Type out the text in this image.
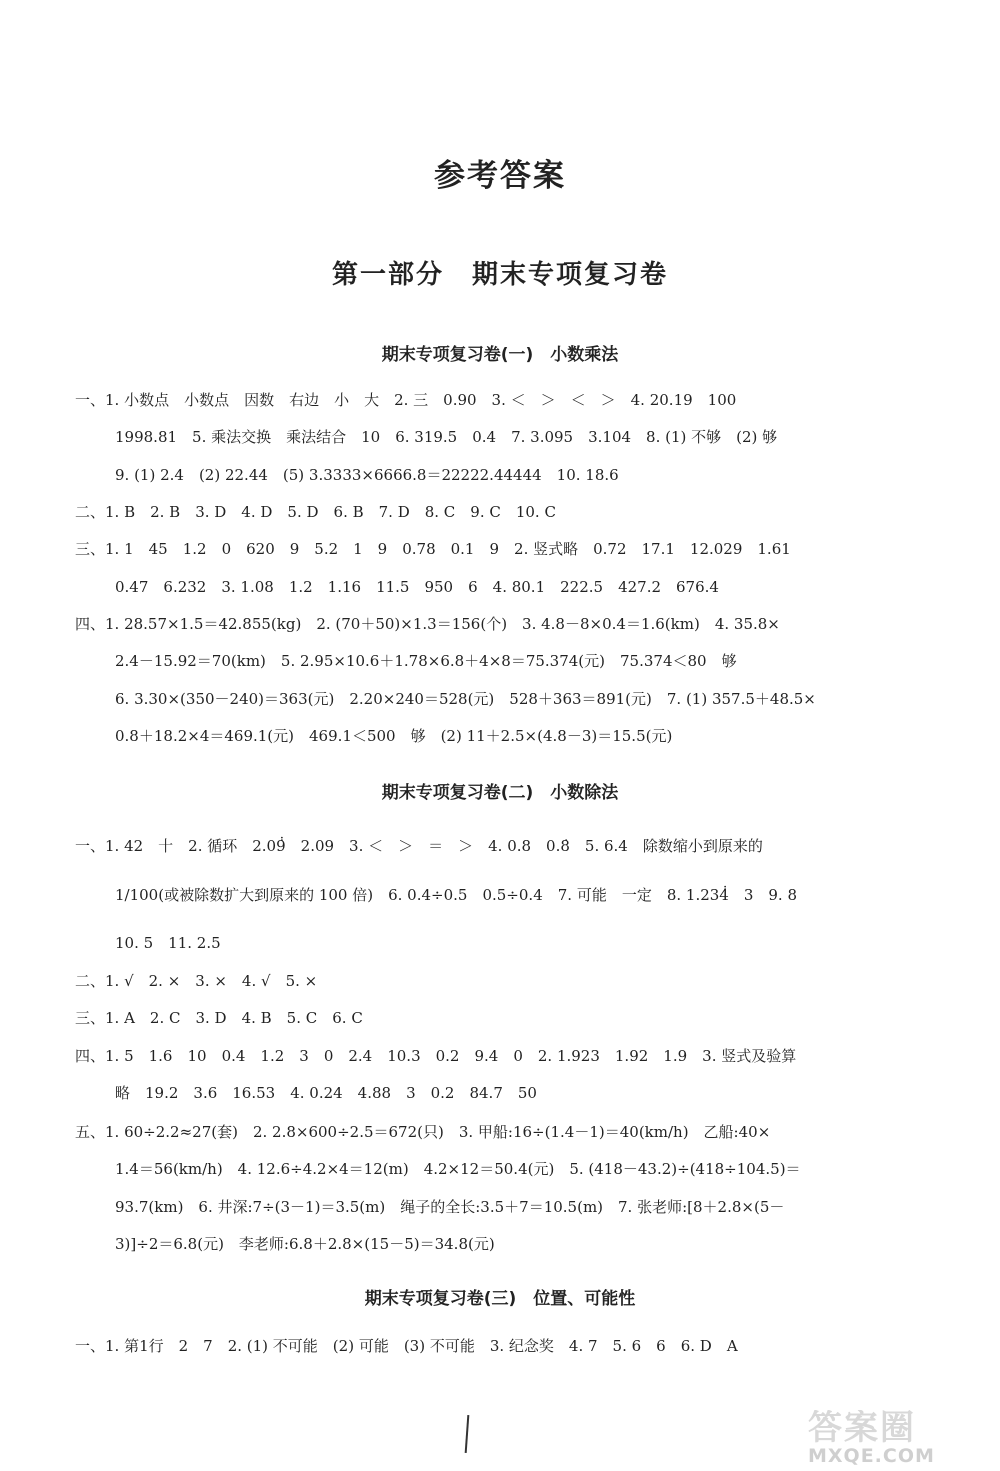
参考答案
第一部分　期末专项复习卷
期末专项复习卷(一)　小数乘法
一、1. 小数点　小数点　因数　右边　小　大　2. 三　0.90　3. ＜　＞　＜　＞　4. 20.19　100
1998.81　5. 乘法交换　乘法结合　10　6. 319.5　0.4　7. 3.095　3.104　8. (1) 不够　(2) 够
9. (1) 2.4　(2) 22.44　(5) 3.3333×6666.8＝22222.44444　10. 18.6
二、1. B　2. B　3. D　4. D　5. D　6. B　7. D　8. C　9. C　10. C
三、1. 1　45　1.2　0　620　9　5.2　1　9　0.78　0.1　9　2. 竖式略　0.72　17.1　12.029　1.61
0.47　6.232　3. 1.08　1.2　1.16　11.5　950　6　4. 80.1　222.5　427.2　676.4
四、1. 28.57×1.5＝42.855(kg)　2. (70＋50)×1.3＝156(个)　3. 4.8－8×0.4＝1.6(km)　4. 35.8×
2.4－15.92＝70(km)　5. 2.95×10.6＋1.78×6.8＋4×8＝75.374(元)　75.374＜80　够
6. 3.30×(350－240)＝363(元)　2.20×240＝528(元)　528＋363＝891(元)　7. (1) 357.5＋48.5×
0.8＋18.2×4＝469.1(元)　469.1＜500　够　(2) 11＋2.5×(4.8－3)＝15.5(元)
期末专项复习卷(二)　小数除法
一、1. 42　十　2. 循环　2.09̇̇　2.09　3. ＜　＞　＝　＞　4. 0.8　0.8̇　5. 6.4　除数缩小到原来的
1/100(或被除数扩大到原来的 100 倍)　6. 0.4÷0.5　0.5÷0.4　7. 可能　一定　8. 1.234̇̇　3　9. 8
10. 5　11. 2.5
二、1. √　2. ×　3. ×　4. √　5. ×
三、1. A　2. C　3. D　4. B　5. C　6. C
四、1. 5　1.6　10　0.4　1.2　3　0　2.4　10.3　0.2　9.4　0　2. 1.923　1.92　1.9　3. 竖式及验算
略　19.2　3.6　16.53　4. 0.24　4.88　3　0.2　84.7　50
五、1. 60÷2.2≈27(套)　2. 2.8×600÷2.5＝672(只)　3. 甲船:16÷(1.4－1)＝40(km/h)　乙船:40×
1.4＝56(km/h)　4. 12.6÷4.2×4＝12(m)　4.2×12＝50.4(元)　5. (418－43.2)÷(418÷104.5)＝
93.7(km)　6. 井深:7÷(3－1)＝3.5(m)　绳子的全长:3.5＋7＝10.5(m)　7. 张老师:[8＋2.8×(5－
3)]÷2＝6.8(元)　李老师:6.8＋2.8×(15－5)＝34.8(元)
期末专项复习卷(三)　位置、可能性
一、1. 第1行　2　7　2. (1) 不可能　(2) 可能　(3) 不可能　3. 纪念奖　4. 7　5. 6　6　6. D　A
答案圈
MXQE.COM
